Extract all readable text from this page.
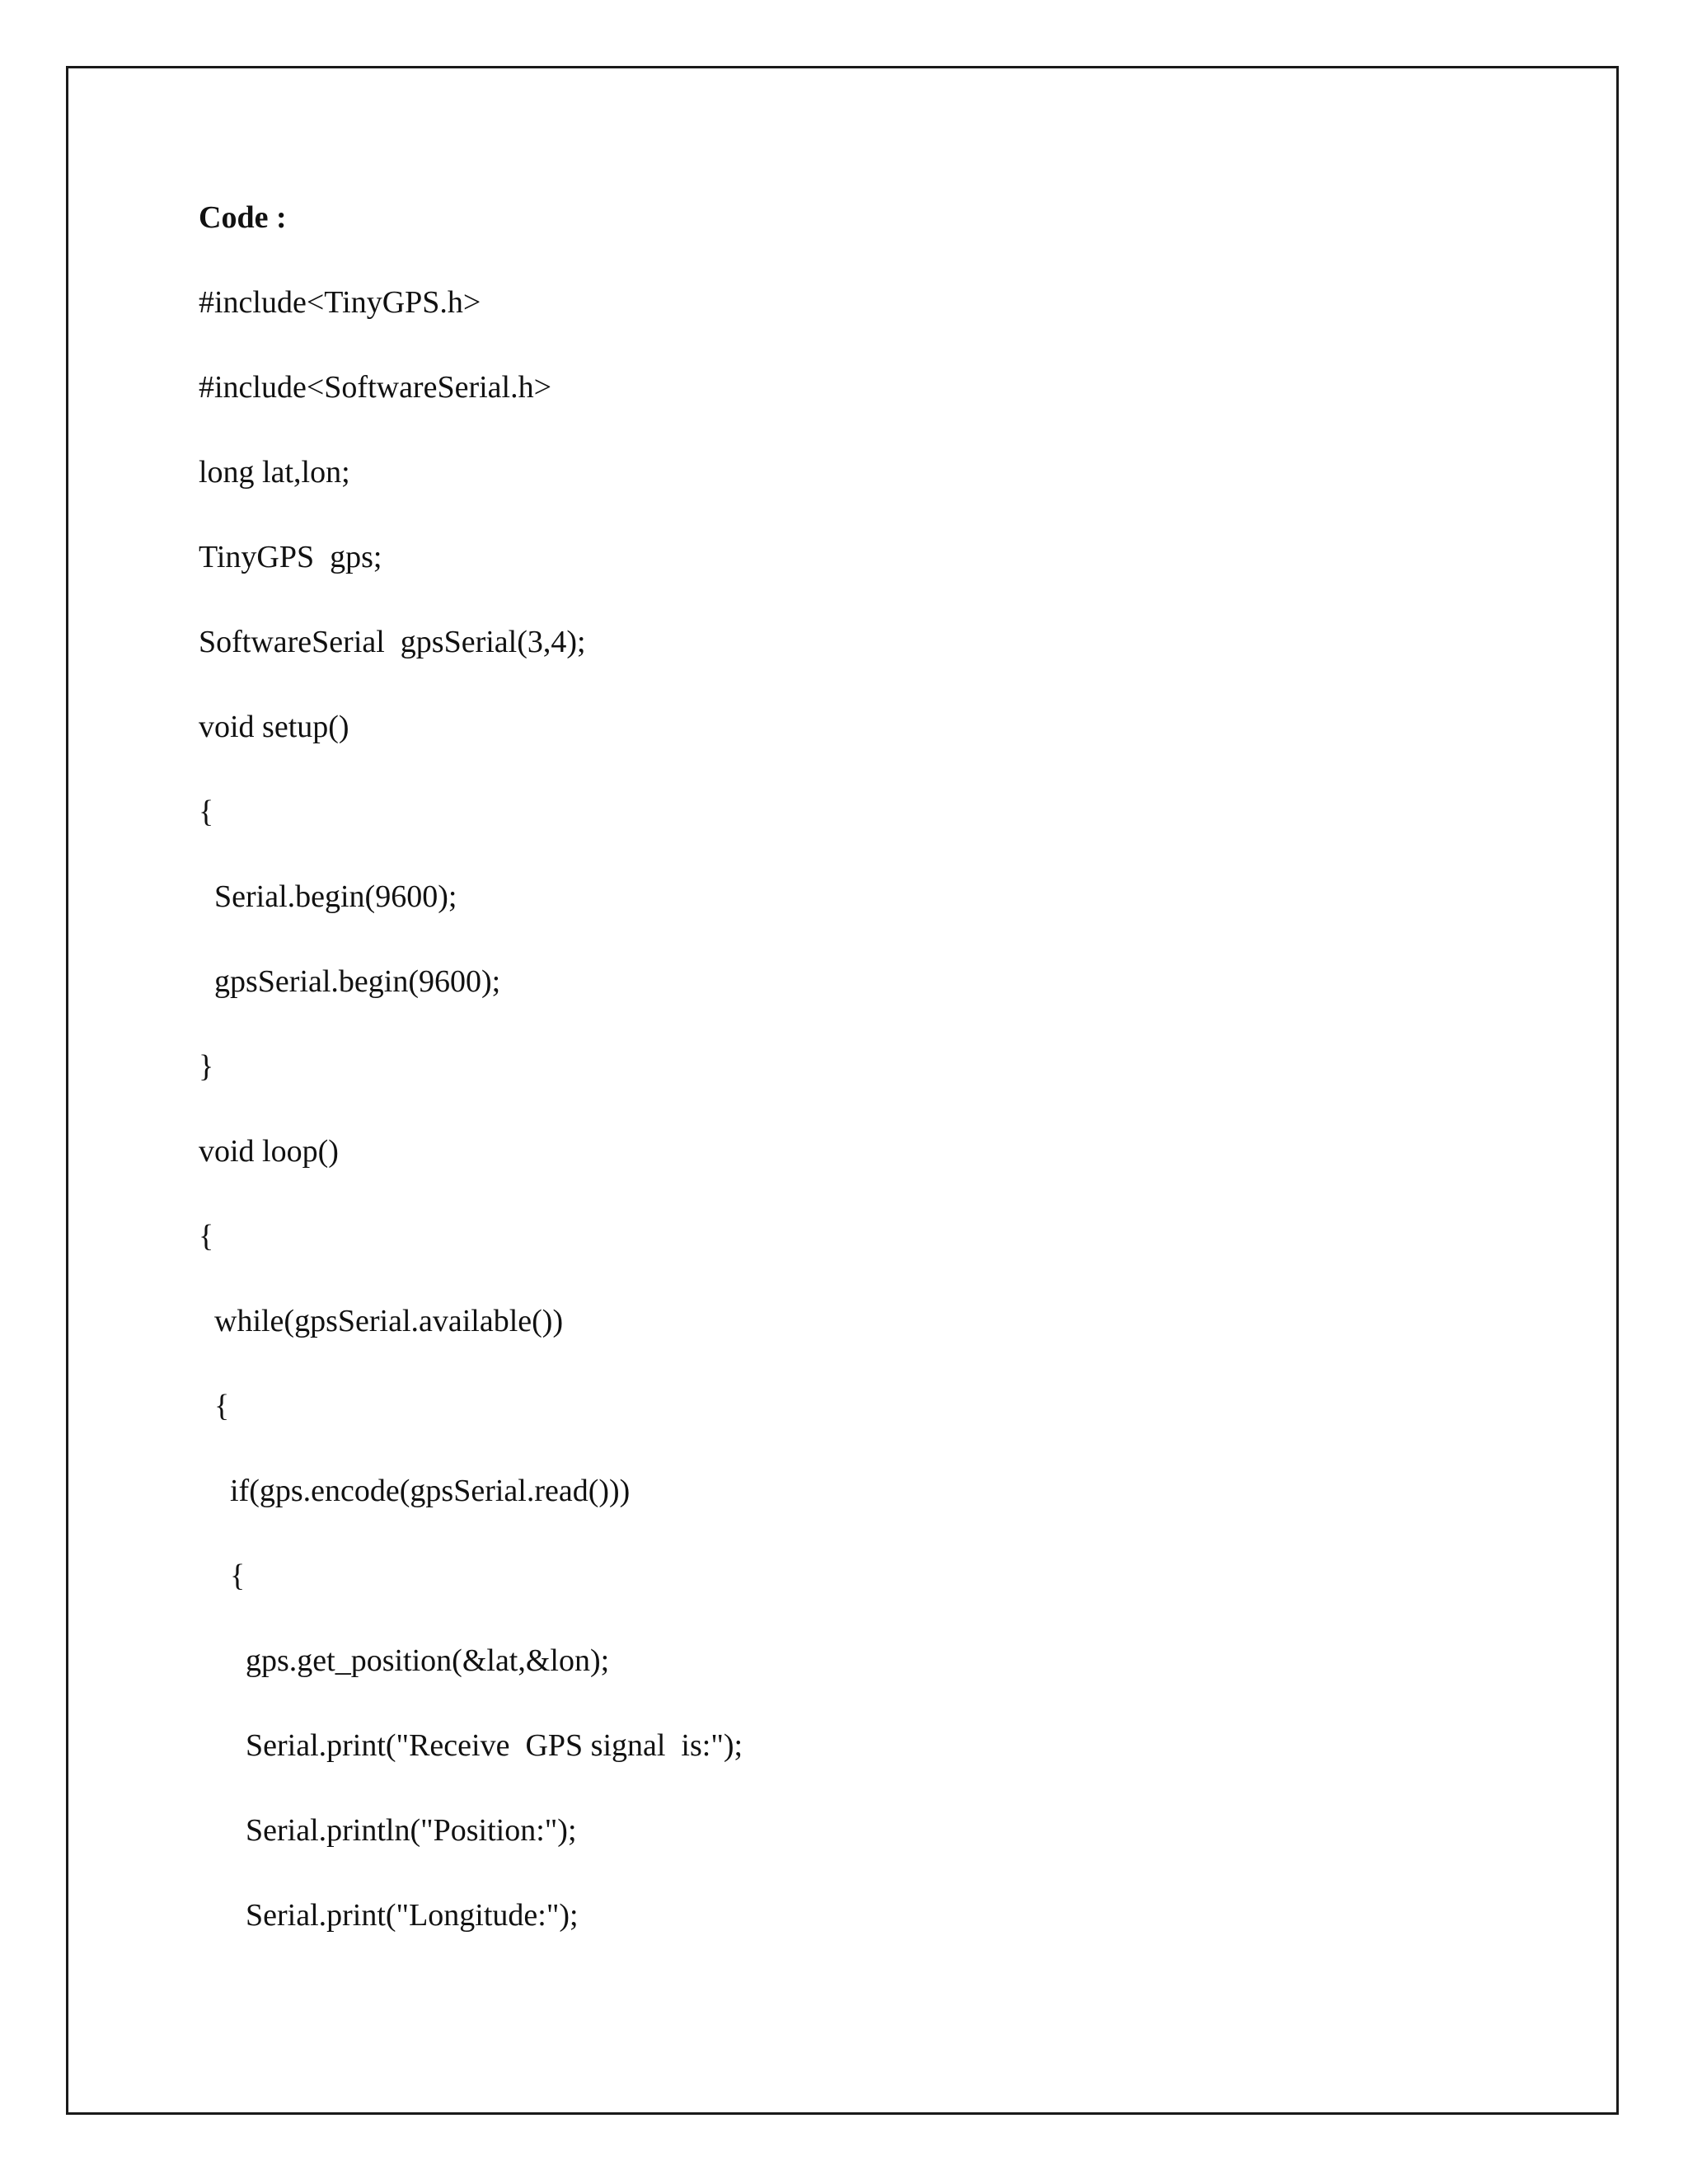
Code :

#include<TinyGPS.h>

#include<SoftwareSerial.h>

long lat,lon;

TinyGPS  gps;

SoftwareSerial  gpsSerial(3,4);

void setup()

{

Serial.begin(9600);

gpsSerial.begin(9600);

}

void loop()

{

while(gpsSerial.available())

{

if(gps.encode(gpsSerial.read()))

{

gps.get_position(&lat,&lon);

Serial.print("Receive  GPS signal  is:");

Serial.println("Position:");

Serial.print("Longitude:");
